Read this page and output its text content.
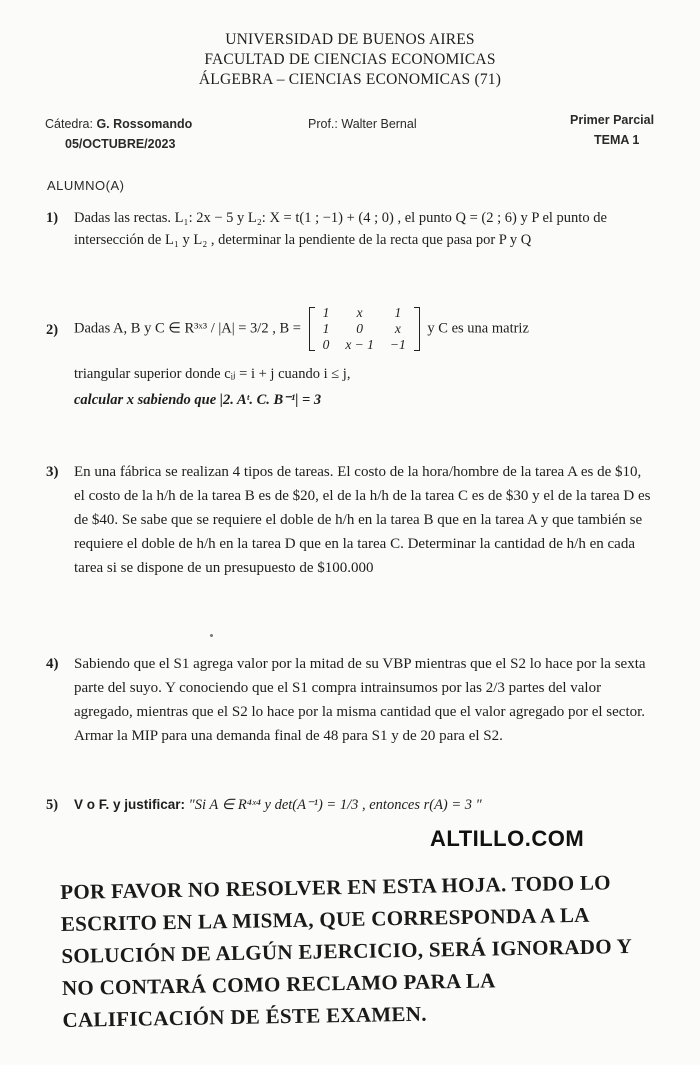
UNIVERSIDAD DE BUENOS AIRES
FACULTAD DE CIENCIAS ECONOMICAS
ÁLGEBRA – CIENCIAS ECONOMICAS (71)
Cátedra: G. Rossomando
05/OCTUBRE/2023
Prof.: Walter Bernal	Primer Parcial
TEMA 1
ALUMNO(A)
1) Dadas las rectas. L₁: 2x − 5 y L₂: X = t(1 ; −1) + (4 ; 0) , el punto Q = (2 ; 6) y P el punto de intersección de L₁ y L₂ , determinar la pendiente de la recta que pasa por P y Q
2) Dadas A, B y C ∈ R³ˣ³ / |A| = 3/2 , B =
1	x	1
1	0	x
0	x − 1	−1
y C es una matriz
triangular superior donde cᵢⱼ = i + j cuando i ≤ j,
calcular x sabiendo que |2. Aᵗ. C. B⁻¹| = 3
3) En una fábrica se realizan 4 tipos de tareas. El costo de la hora/hombre de la tarea A es de $10, el costo de la h/h de la tarea B es de $20, el de la h/h de la tarea C es de $30 y el de la tarea D es de $40. Se sabe que se requiere el doble de h/h en la tarea B que en la tarea A y que también se requiere el doble de h/h en la tarea D que en la tarea C. Determinar la cantidad de h/h en cada tarea si se dispone de un presupuesto de $100.000
4) Sabiendo que el S1 agrega valor por la mitad de su VBP mientras que el S2 lo hace por la sexta parte del suyo. Y conociendo que el S1 compra intrainsumos por las 2/3 partes del valor agregado, mientras que el S2 lo hace por la misma cantidad que el valor agregado por el sector. Armar la MIP para una demanda final de 48 para S1 y de 20 para el S2.
5) V o F. y justificar: "Si A ∈ R⁴ˣ⁴ y det(A⁻¹) = 1/3 , entonces r(A) = 3 "
ALTILLO.COM
POR FAVOR NO RESOLVER EN ESTA HOJA. TODO LO ESCRITO EN LA MISMA, QUE CORRESPONDA A LA SOLUCIÓN DE ALGÚN EJERCICIO, SERÁ IGNORADO Y NO CONTARÁ COMO RECLAMO PARA LA CALIFICACIÓN DE ÉSTE EXAMEN.
